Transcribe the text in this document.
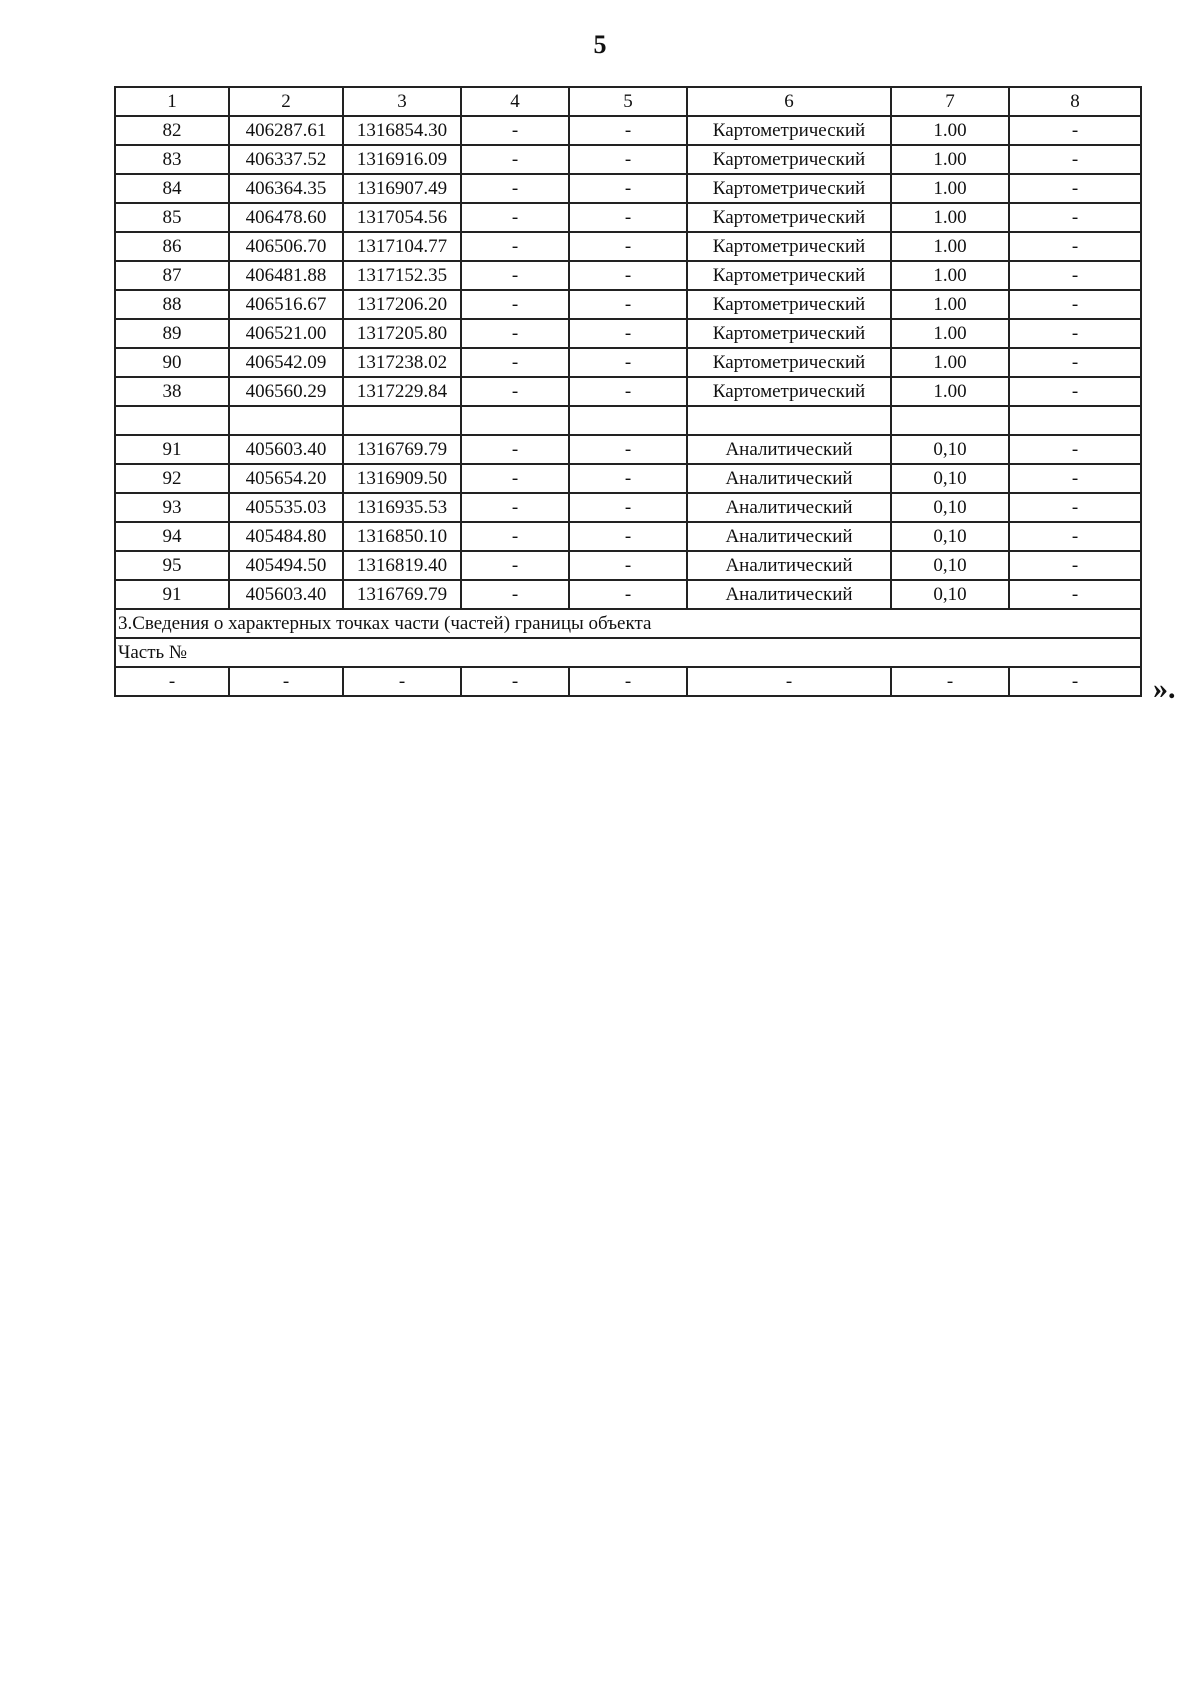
5
1	2	3	4	5	6	7	8
82	406287.61	1316854.30	-	-	Картометрический	1.00	-
83	406337.52	1316916.09	-	-	Картометрический	1.00	-
84	406364.35	1316907.49	-	-	Картометрический	1.00	-
85	406478.60	1317054.56	-	-	Картометрический	1.00	-
86	406506.70	1317104.77	-	-	Картометрический	1.00	-
87	406481.88	1317152.35	-	-	Картометрический	1.00	-
88	406516.67	1317206.20	-	-	Картометрический	1.00	-
89	406521.00	1317205.80	-	-	Картометрический	1.00	-
90	406542.09	1317238.02	-	-	Картометрический	1.00	-
38	406560.29	1317229.84	-	-	Картометрический	1.00	-

91	405603.40	1316769.79	-	-	Аналитический	0,10	-
92	405654.20	1316909.50	-	-	Аналитический	0,10	-
93	405535.03	1316935.53	-	-	Аналитический	0,10	-
94	405484.80	1316850.10	-	-	Аналитический	0,10	-
95	405494.50	1316819.40	-	-	Аналитический	0,10	-
91	405603.40	1316769.79	-	-	Аналитический	0,10	-
3.Сведения о характерных точках части (частей) границы объекта							
Часть №							
-	-	-	-	-	-	-	- ».
